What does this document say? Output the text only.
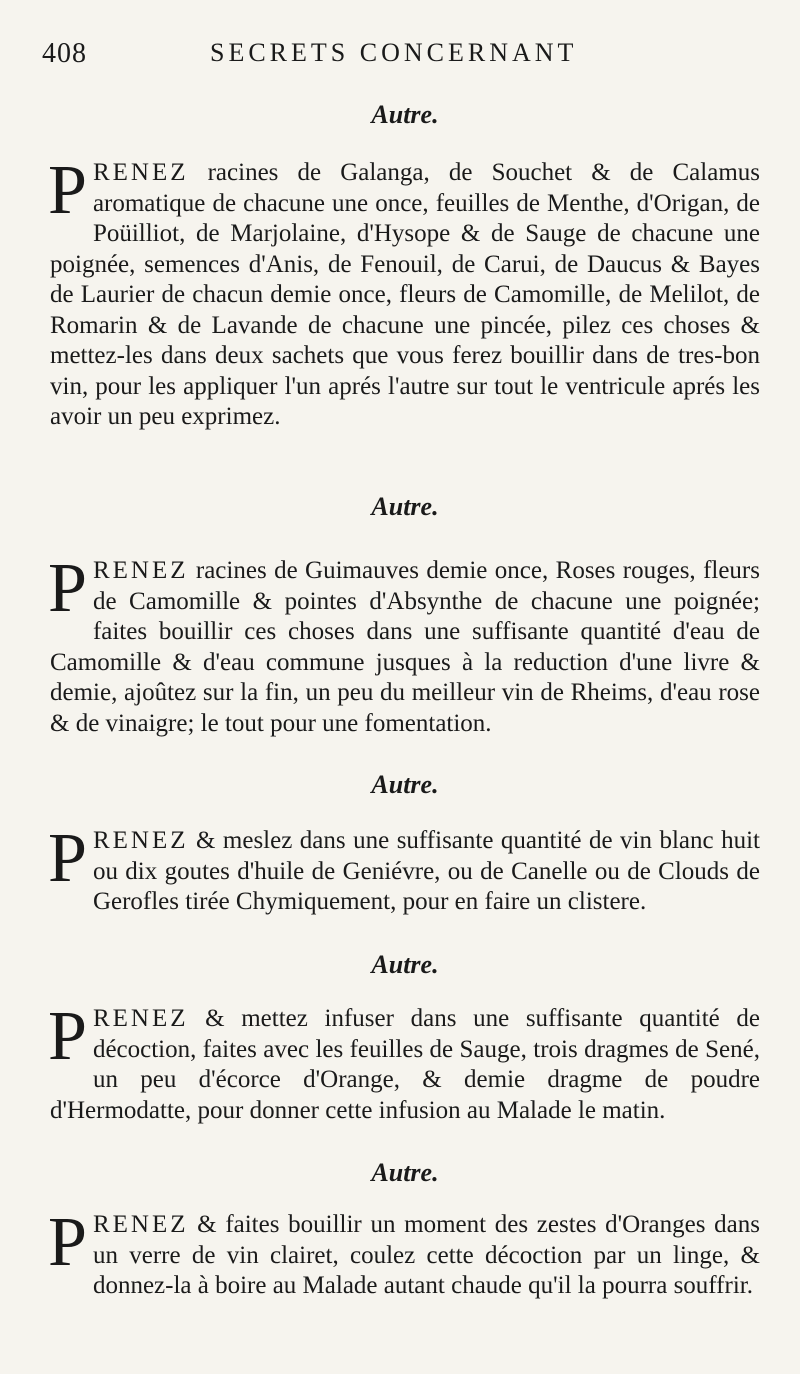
408	SECRETS CONCERNANT
Autre.
PRENEZ racines de Galanga, de Souchet & de Calamus aromatique de chacune une once, feuilles de Menthe, d'Origan, de Poüilliot, de Marjolaine, d'Hysope & de Sauge de chacune une poignée, semences d'Anis, de Fenouil, de Carui, de Daucus & Bayes de Laurier de chacun demie once, fleurs de Camomille, de Melilot, de Romarin & de Lavande de chacune une pincée, pilez ces choses & mettez-les dans deux sachets que vous ferez bouillir dans de tres-bon vin, pour les appliquer l'un aprés l'autre sur tout le ventricule aprés les avoir un peu exprimez.
Autre.
PRENEZ racines de Guimauves demie once, Roses rouges, fleurs de Camomille & pointes d'Absynthe de chacune une poignée; faites bouillir ces choses dans une suffisante quantité d'eau de Camomille & d'eau commune jusques à la reduction d'une livre & demie, ajoûtez sur la fin, un peu du meilleur vin de Rheims, d'eau rose & de vinaigre; le tout pour une fomentation.
Autre.
PRENEZ & meslez dans une suffisante quantité de vin blanc huit ou dix goutes d'huile de Geniévre, ou de Canelle ou de Clouds de Gerofles tirée Chymiquement, pour en faire un clistere.
Autre.
PRENEZ & mettez infuser dans une suffisante quantité de décoction, faites avec les feuilles de Sauge, trois dragmes de Sené, un peu d'écorce d'Orange, & demie dragme de poudre d'Hermodatte, pour donner cette infusion au Malade le matin.
Autre.
PRENEZ & faites bouillir un moment des zestes d'Oranges dans un verre de vin clairet, coulez cette décoction par un linge, & donnez-la à boire au Malade autant chaude qu'il la pourra souffrir.
